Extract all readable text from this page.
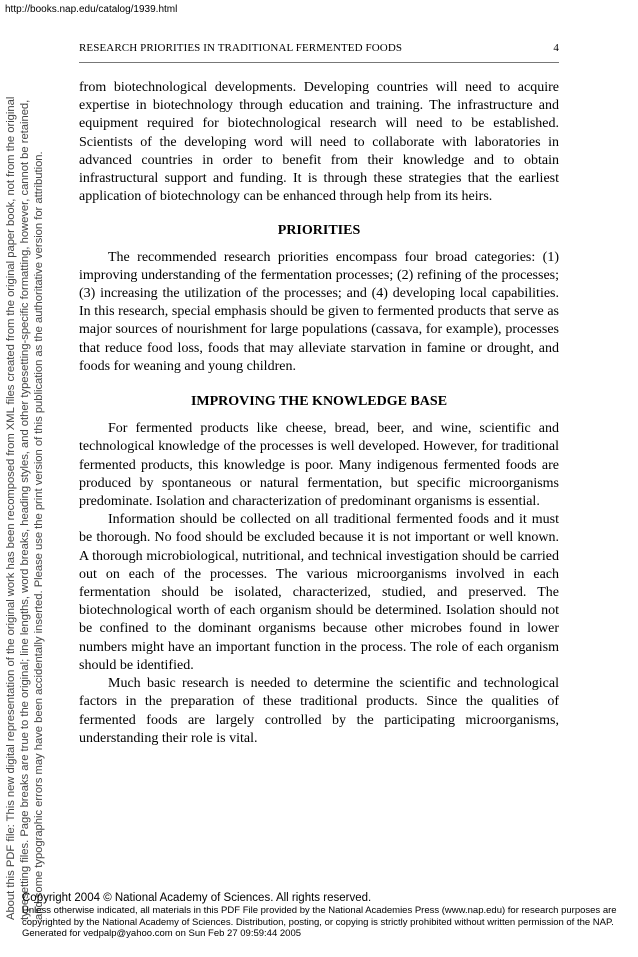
http://books.nap.edu/catalog/1939.html
About this PDF file: This new digital representation of the original work has been recomposed from XML files created from the original paper book, not from the original typesetting files. Page breaks are true to the original; line lengths, word breaks, heading styles, and other typesetting-specific formatting, however, cannot be retained, and some typographic errors may have been accidentally inserted. Please use the print version of this publication as the authoritative version for attribution.
RESEARCH PRIORITIES IN TRADITIONAL FERMENTED FOODS	4

from biotechnological developments. Developing countries will need to acquire expertise in biotechnology through education and training. The infrastructure and equipment required for biotechnological research will need to be established. Scientists of the developing word will need to collaborate with laboratories in advanced countries in order to benefit from their knowledge and to obtain infrastructural support and funding. It is through these strategies that the earliest application of biotechnology can be enhanced through help from its heirs.

PRIORITIES

The recommended research priorities encompass four broad categories: (1) improving understanding of the fermentation processes; (2) refining of the processes; (3) increasing the utilization of the processes; and (4) developing local capabilities. In this research, special emphasis should be given to fermented products that serve as major sources of nourishment for large populations (cassava, for example), processes that reduce food loss, foods that may alleviate starvation in famine or drought, and foods for weaning and young children.

IMPROVING THE KNOWLEDGE BASE

For fermented products like cheese, bread, beer, and wine, scientific and technological knowledge of the processes is well developed. However, for traditional fermented products, this knowledge is poor. Many indigenous fermented foods are produced by spontaneous or natural fermentation, but specific microorganisms predominate. Isolation and characterization of predominant organisms is essential.

Information should be collected on all traditional fermented foods and it must be thorough. No food should be excluded because it is not important or well known. A thorough microbiological, nutritional, and technical investigation should be carried out on each of the processes. The various microorganisms involved in each fermentation should be isolated, characterized, studied, and preserved. The biotechnological worth of each organism should be determined. Isolation should not be confined to the dominant organisms because other microbes found in lower numbers might have an important function in the process. The role of each organism should be identified.

Much basic research is needed to determine the scientific and technological factors in the preparation of these traditional products. Since the qualities of fermented foods are largely controlled by the participating microorganisms, understanding their role is vital.

Copyright 2004 © National Academy of Sciences. All rights reserved.
Unless otherwise indicated, all materials in this PDF File provided by the National Academies Press (www.nap.edu) for research purposes are copyrighted by the National Academy of Sciences. Distribution, posting, or copying is strictly prohibited without written permission of the NAP.
Generated for vedpalp@yahoo.com on Sun Feb 27 09:59:44 2005
